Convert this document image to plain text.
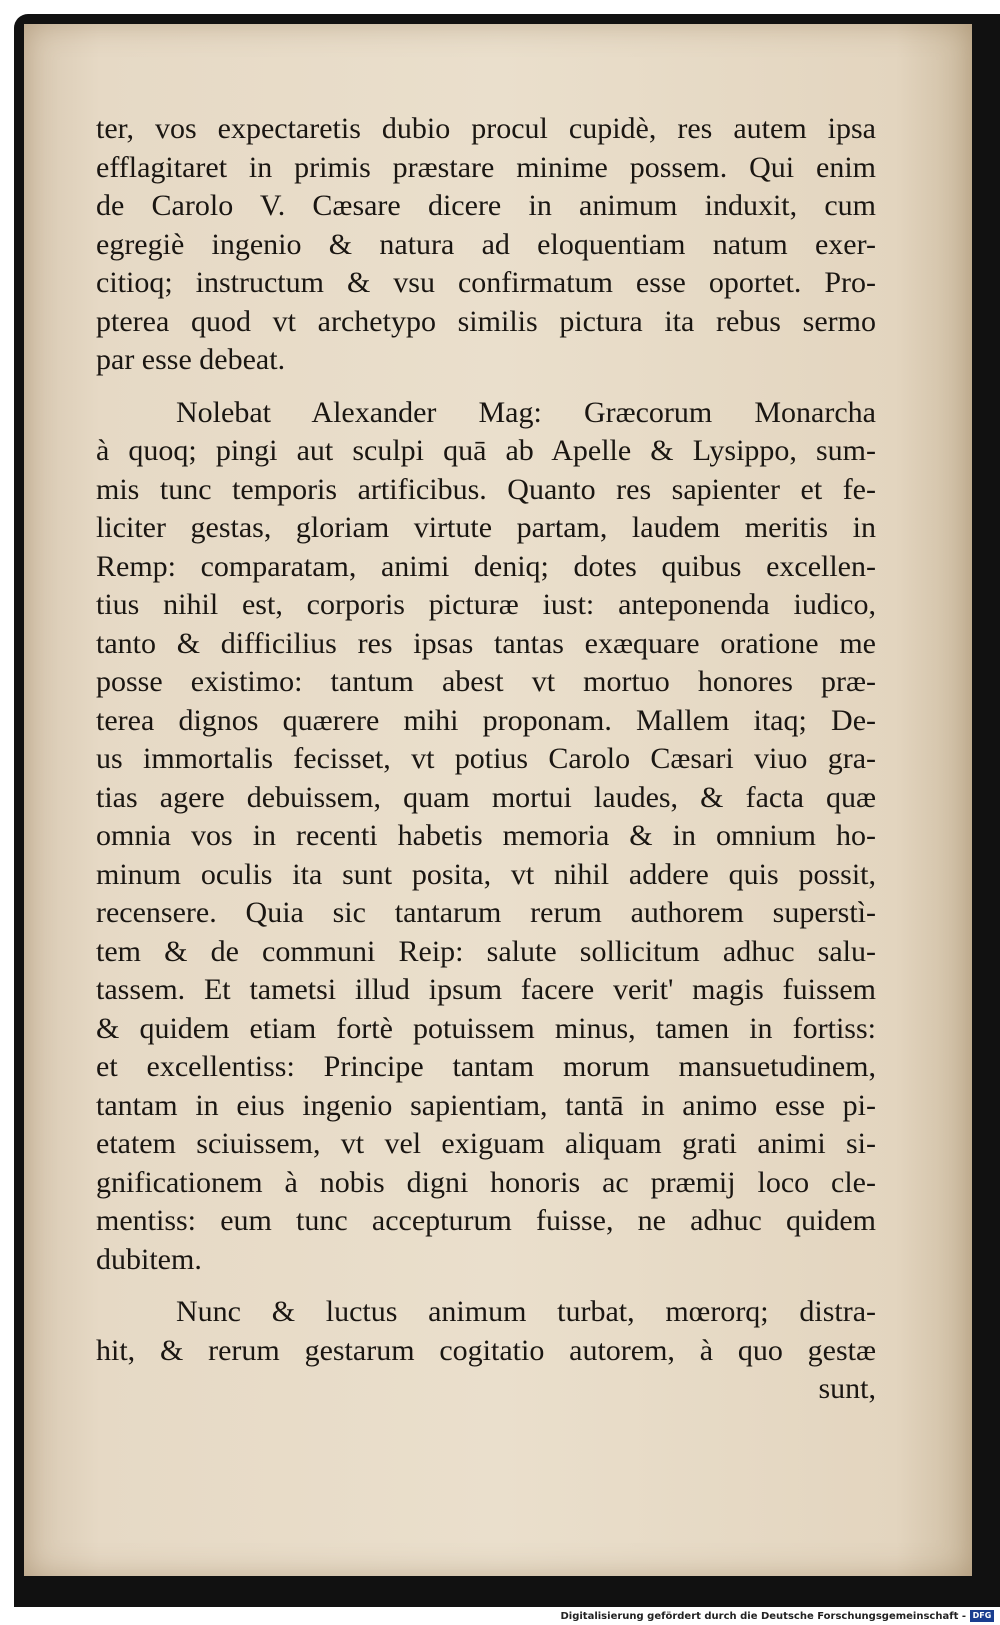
ter, vos expectaretis dubio procul cupidè, res autem ipsa
efflagitaret in primis præstare minime possem. Qui enim
de Carolo V. Cæsare dicere in animum induxit, cum
egregiè ingenio & natura ad eloquentiam natum exer-
citioq; instructum & vsu confirmatum esse oportet. Pro-
pterea quod vt archetypo similis pictura ita rebus sermo
par esse debeat.
Nolebat Alexander Mag: Græcorum Monarcha
à quoq; pingi aut sculpi quā ab Apelle & Lysippo, sum-
mis tunc temporis artificibus. Quanto res sapienter et fe-
liciter gestas, gloriam virtute partam, laudem meritis in
Remp: comparatam, animi deniq; dotes quibus excellen-
tius nihil est, corporis picturæ iust: anteponenda iudico,
tanto & difficilius res ipsas tantas exæquare oratione me
posse existimo: tantum abest vt mortuo honores præ-
terea dignos quærere mihi proponam. Mallem itaq; De-
us immortalis fecisset, vt potius Carolo Cæsari viuo gra-
tias agere debuissem, quam mortui laudes, & facta quæ
omnia vos in recenti habetis memoria & in omnium ho-
minum oculis ita sunt posita, vt nihil addere quis possit,
recensere. Quia sic tantarum rerum authorem superstì-
tem & de communi Reip: salute sollicitum adhuc salu-
tassem. Et tametsi illud ipsum facere verit' magis fuissem
& quidem etiam fortè potuissem minus, tamen in fortiss:
et excellentiss: Principe tantam morum mansuetudinem,
tantam in eius ingenio sapientiam, tantā in animo esse pi-
etatem sciuissem, vt vel exiguam aliquam grati animi si-
gnificationem à nobis digni honoris ac præmij loco cle-
mentiss: eum tunc accepturum fuisse, ne adhuc quidem
dubitem.
Nunc & luctus animum turbat, mœrorq; distra-
hit, & rerum gestarum cogitatio autorem, à quo gestæ
sunt,
Digitalisierung gefördert durch die Deutsche Forschungsgemeinschaft - DFG
